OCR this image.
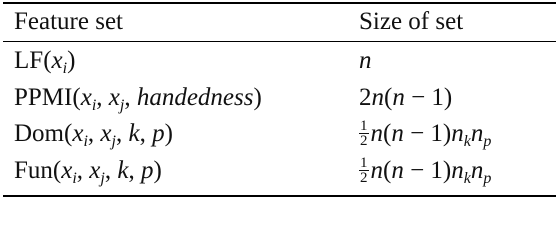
Feature set	Size of set
$LF(x_i)$	n
$PPMI(x_i$, $x_j$, handedness)	2n(n − 1)
$Dom(x_i$, $x_j$, k, p)	$\frac{1}{2} n(n - 1)n_kn_p$
$Fun(x_i$, $x_j$, k, p)	$\frac{1}{2} n(n - 1)n_kn_p$
